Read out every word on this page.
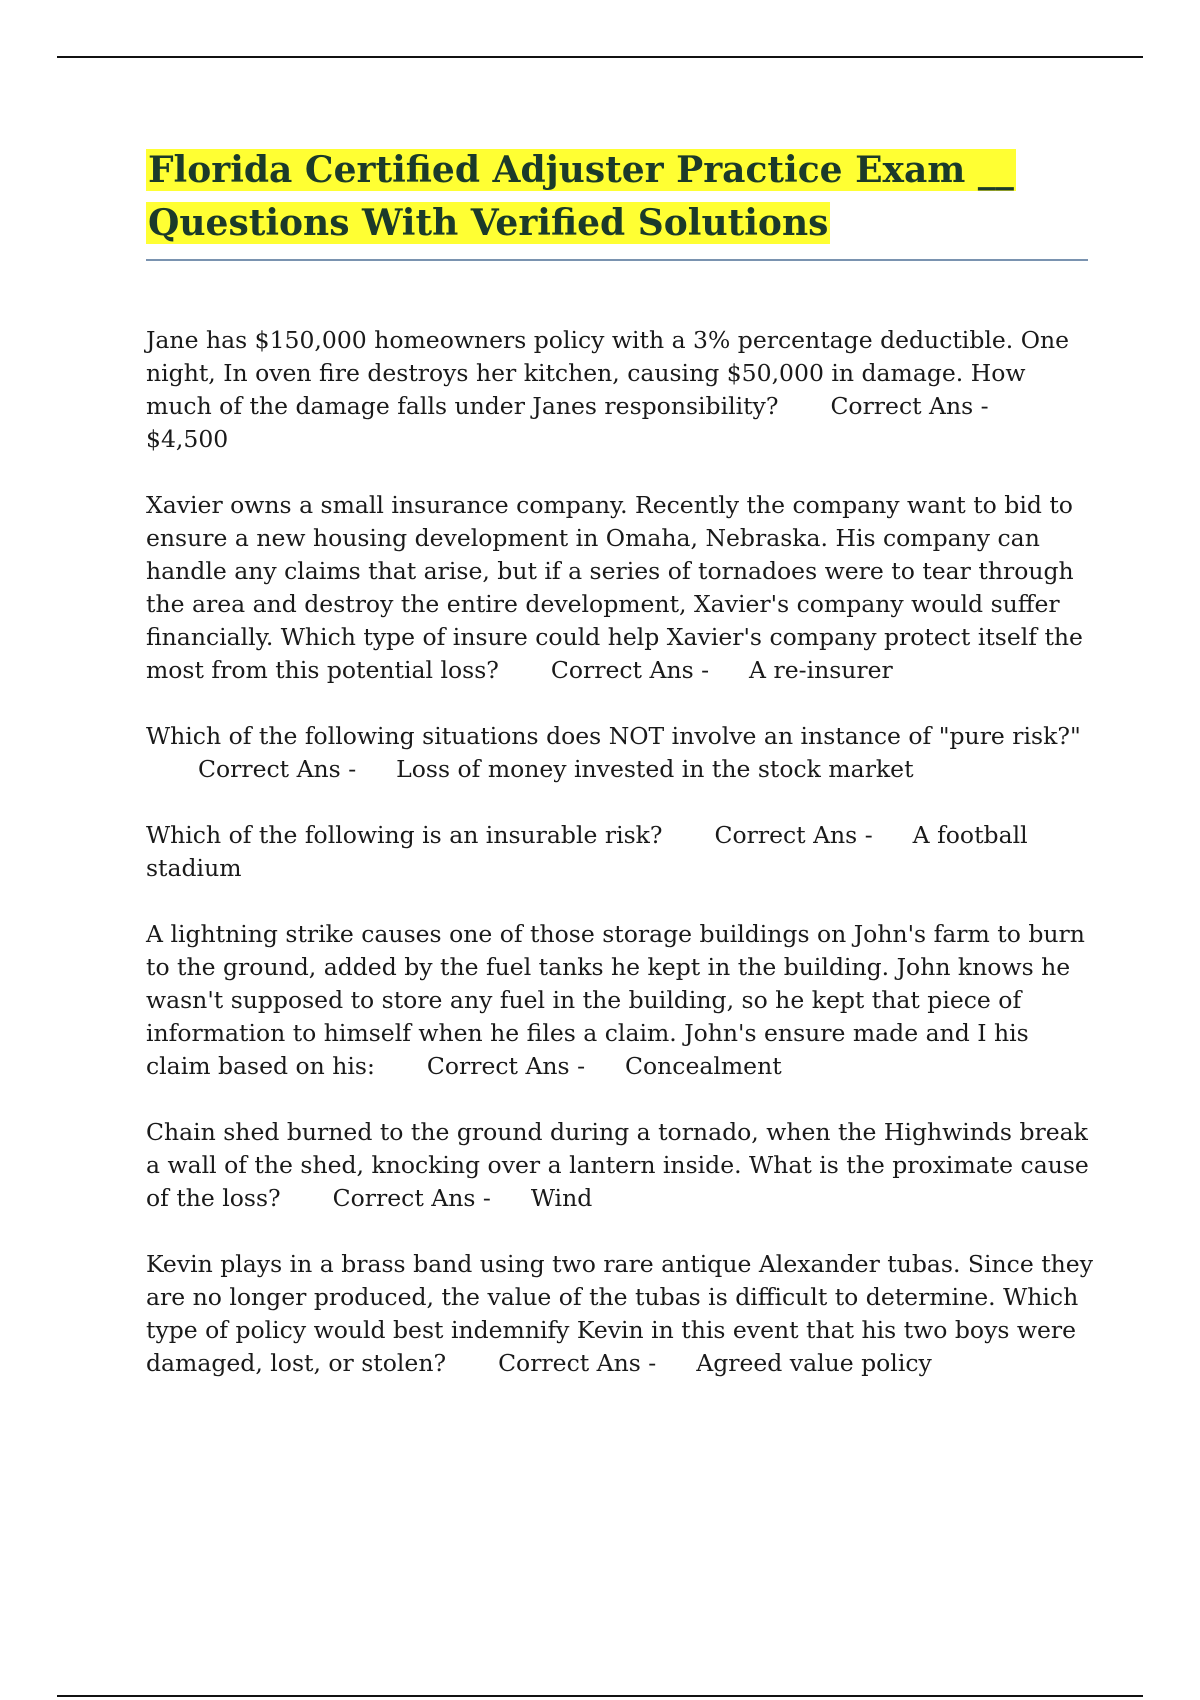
Florida Certified Adjuster Practice Exam __
Questions With Verified Solutions

Jane has $150,000 homeowners policy with a 3% percentage deductible. One night, In oven fire destroys her kitchen, causing $50,000 in damage. How much of the damage falls under Janes responsibility? Correct Ans -$4,500

Xavier owns a small insurance company. Recently the company want to bid to ensure a new housing development in Omaha, Nebraska. His company can handle any claims that arise, but if a series of tornadoes were to tear through the area and destroy the entire development, Xavier's company would suffer financially. Which type of insure could help Xavier's company protect itself the most from this potential loss? Correct Ans - A re-insurer

Which of the following situations does NOT involve an instance of "pure risk?"Correct Ans - Loss of money invested in the stock market

Which of the following is an insurable risk? Correct Ans - A football stadium

A lightning strike causes one of those storage buildings on John's farm to burn to the ground, added by the fuel tanks he kept in the building. John knows he wasn't supposed to store any fuel in the building, so he kept that piece of information to himself when he files a claim. John's ensure made and I his claim based on his: Correct Ans - Concealment

Chain shed burned to the ground during a tornado, when the Highwinds break a wall of the shed, knocking over a lantern inside. What is the proximate cause of the loss? Correct Ans - Wind

Kevin plays in a brass band using two rare antique Alexander tubas. Since they are no longer produced, the value of the tubas is difficult to determine. Which type of policy would best indemnify Kevin in this event that his two boys were damaged, lost, or stolen? Correct Ans - Agreed value policy
